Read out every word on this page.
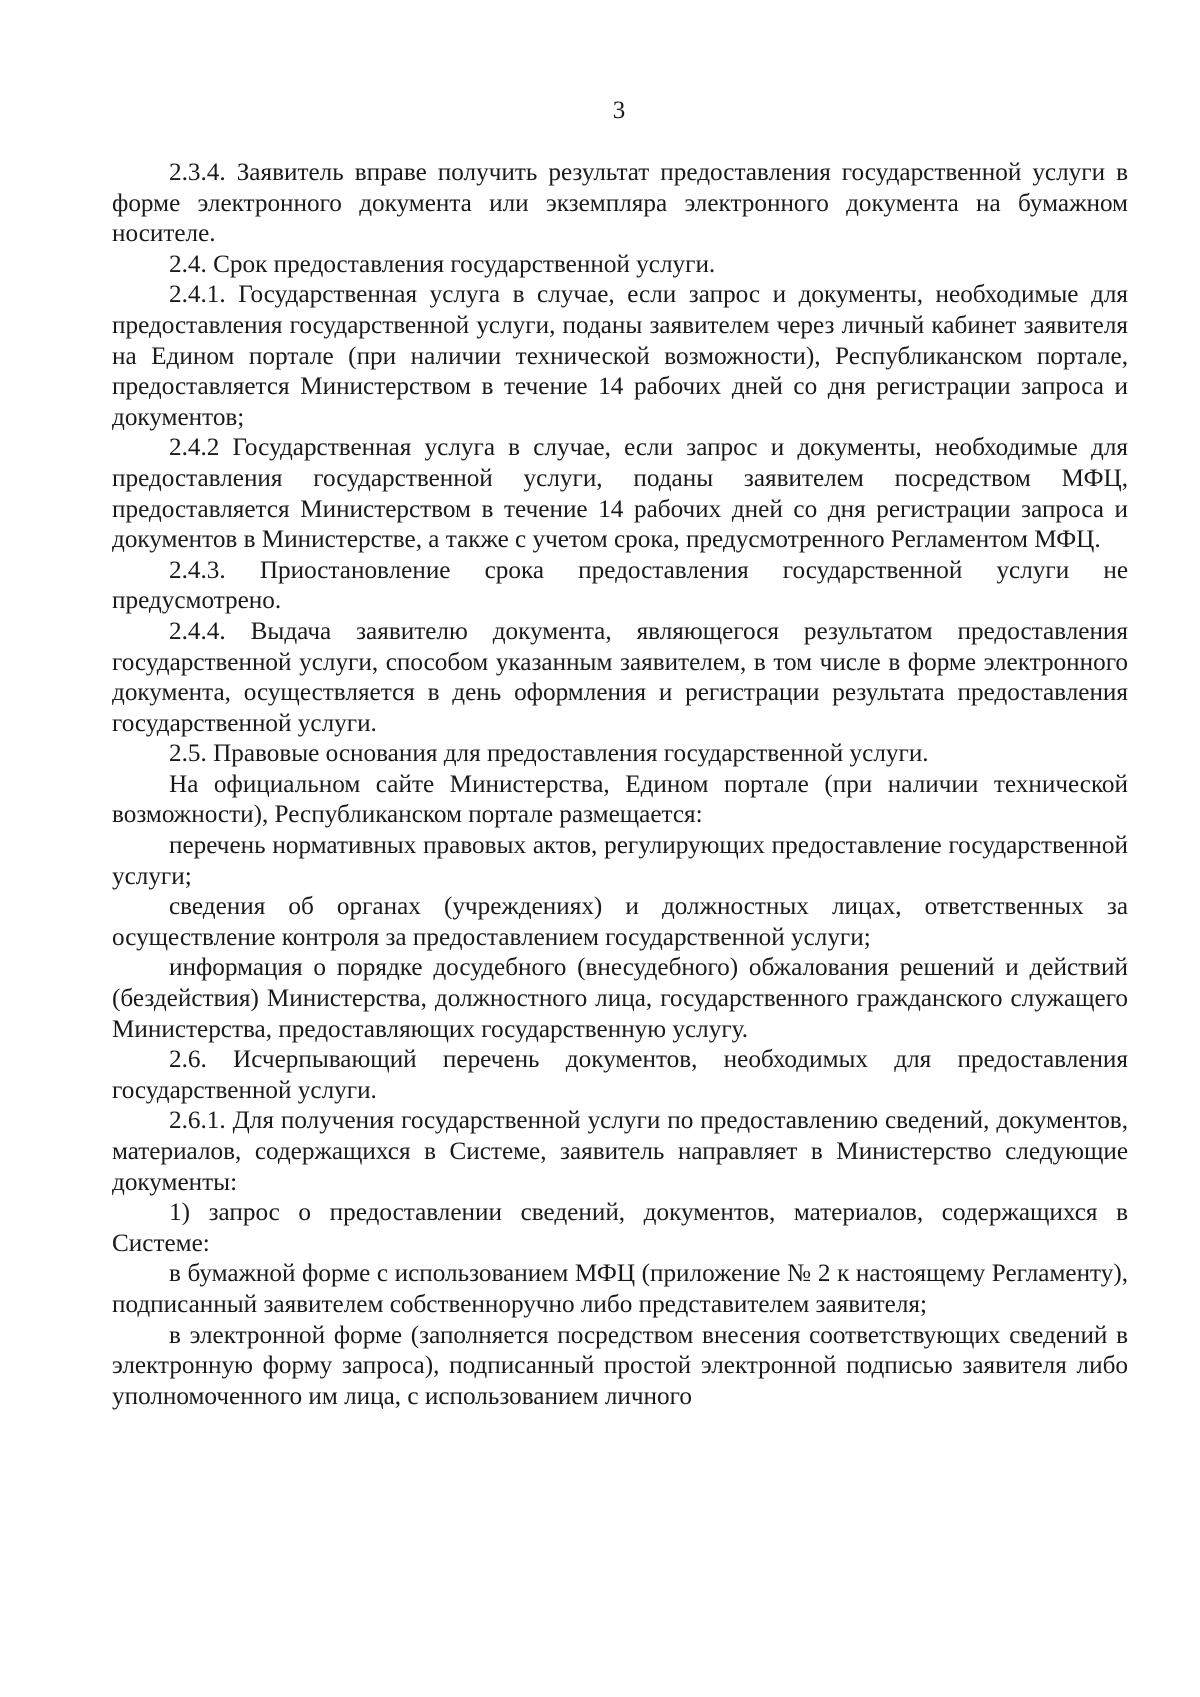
3

2.3.4. Заявитель вправе получить результат предоставления государственной услуги в форме электронного документа или экземпляра электронного документа на бумажном носителе.

2.4. Срок предоставления государственной услуги.

2.4.1. Государственная услуга в случае, если запрос и документы, необходимые для предоставления государственной услуги, поданы заявителем через личный кабинет заявителя на Едином портале (при наличии технической возможности), Республиканском портале, предоставляется Министерством в течение 14 рабочих дней со дня регистрации запроса и документов;

2.4.2 Государственная услуга в случае, если запрос и документы, необходимые для предоставления государственной услуги, поданы заявителем посредством МФЦ, предоставляется Министерством в течение 14 рабочих дней со дня регистрации запроса и документов в Министерстве, а также с учетом срока, предусмотренного Регламентом МФЦ.

2.4.3. Приостановление срока предоставления государственной услуги не предусмотрено.

2.4.4. Выдача заявителю документа, являющегося результатом предоставления государственной услуги, способом указанным заявителем, в том числе в форме электронного документа, осуществляется в день оформления и регистрации результата предоставления государственной услуги.

2.5. Правовые основания для предоставления государственной услуги.

На официальном сайте Министерства, Едином портале (при наличии технической возможности), Республиканском портале размещается:

перечень нормативных правовых актов, регулирующих предоставление государственной услуги;

сведения об органах (учреждениях) и должностных лицах, ответственных за осуществление контроля за предоставлением государственной услуги;

информация о порядке досудебного (внесудебного) обжалования решений и действий (бездействия) Министерства, должностного лица, государственного гражданского служащего Министерства, предоставляющих государственную услугу.

2.6. Исчерпывающий перечень документов, необходимых для предоставления государственной услуги.

2.6.1. Для получения государственной услуги по предоставлению сведений, документов, материалов, содержащихся в Системе, заявитель направляет в Министерство следующие документы:

1) запрос о предоставлении сведений, документов, материалов, содержащихся в Системе:

в бумажной форме с использованием МФЦ (приложение № 2 к настоящему Регламенту), подписанный заявителем собственноручно либо представителем заявителя;

в электронной форме (заполняется посредством внесения соответствующих сведений в электронную форму запроса), подписанный простой электронной подписью заявителя либо уполномоченного им лица, с использованием личного
